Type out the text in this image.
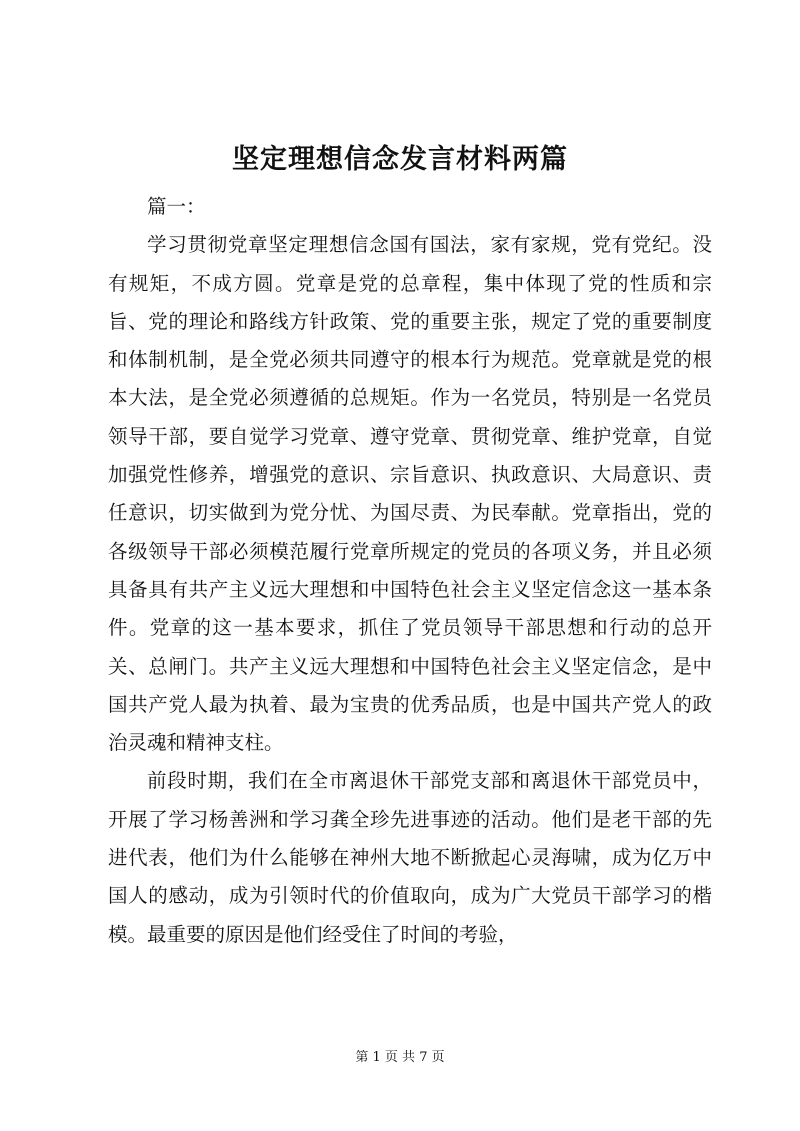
坚定理想信念发言材料两篇

篇一：

学习贯彻党章坚定理想信念国有国法，家有家规，党有党纪。没有规矩，不成方圆。党章是党的总章程，集中体现了党的性质和宗旨、党的理论和路线方针政策、党的重要主张，规定了党的重要制度和体制机制，是全党必须共同遵守的根本行为规范。党章就是党的根本大法，是全党必须遵循的总规矩。作为一名党员，特别是一名党员领导干部，要自觉学习党章、遵守党章、贯彻党章、维护党章，自觉加强党性修养，增强党的意识、宗旨意识、执政意识、大局意识、责任意识，切实做到为党分忧、为国尽责、为民奉献。党章指出，党的各级领导干部必须模范履行党章所规定的党员的各项义务，并且必须具备具有共产主义远大理想和中国特色社会主义坚定信念这一基本条件。党章的这一基本要求，抓住了党员领导干部思想和行动的总开关、总闸门。共产主义远大理想和中国特色社会主义坚定信念，是中国共产党人最为执着、最为宝贵的优秀品质，也是中国共产党人的政治灵魂和精神支柱。

前段时期，我们在全市离退休干部党支部和离退休干部党员中，开展了学习杨善洲和学习龚全珍先进事迹的活动。他们是老干部的先进代表，他们为什么能够在神州大地不断掀起心灵海啸，成为亿万中国人的感动，成为引领时代的价值取向，成为广大党员干部学习的楷模。最重要的原因是他们经受住了时间的考验，

第 1 页 共 7 页
